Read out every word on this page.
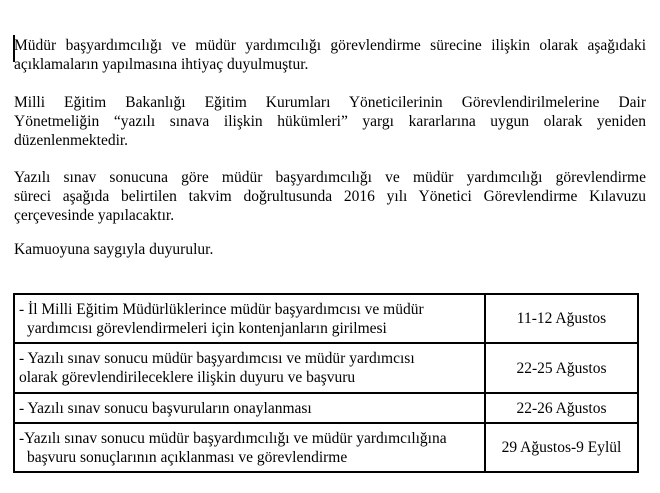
Müdür başyardımcılığı ve müdür yardımcılığı görevlendirme sürecine ilişkin olarak aşağıdaki
açıklamaların yapılmasına ihtiyaç duyulmuştur.
Milli Eğitim Bakanlığı Eğitim Kurumları Yöneticilerinin Görevlendirilmelerine Dair
Yönetmeliğin “yazılı sınava ilişkin hükümleri” yargı kararlarına uygun olarak yeniden
düzenlenmektedir.
Yazılı sınav sonucuna göre müdür başyardımcılığı ve müdür yardımcılığı görevlendirme
süreci aşağıda belirtilen takvim doğrultusunda 2016 yılı Yönetici Görevlendirme Kılavuzu
çerçevesinde yapılacaktır.
Kamuoyuna saygıyla duyurulur.
- İl Milli Eğitim Müdürlüklerince müdür başyardımcısı ve müdür
yardımcısı görevlendirmeleri için kontenjanların girilmesi	11-12 Ağustos

- Yazılı sınav sonucu müdür başyardımcısı ve müdür yardımcısı
olarak görevlendirileceklere ilişkin duyuru ve başvuru	22-25 Ağustos

- Yazılı sınav sonucu başvuruların onaylanması	22-26 Ağustos

-Yazılı sınav sonucu müdür başyardımcılığı ve müdür yardımcılığına
başvuru sonuçlarının açıklanması ve görevlendirme	29 Ağustos-9 Eylül
